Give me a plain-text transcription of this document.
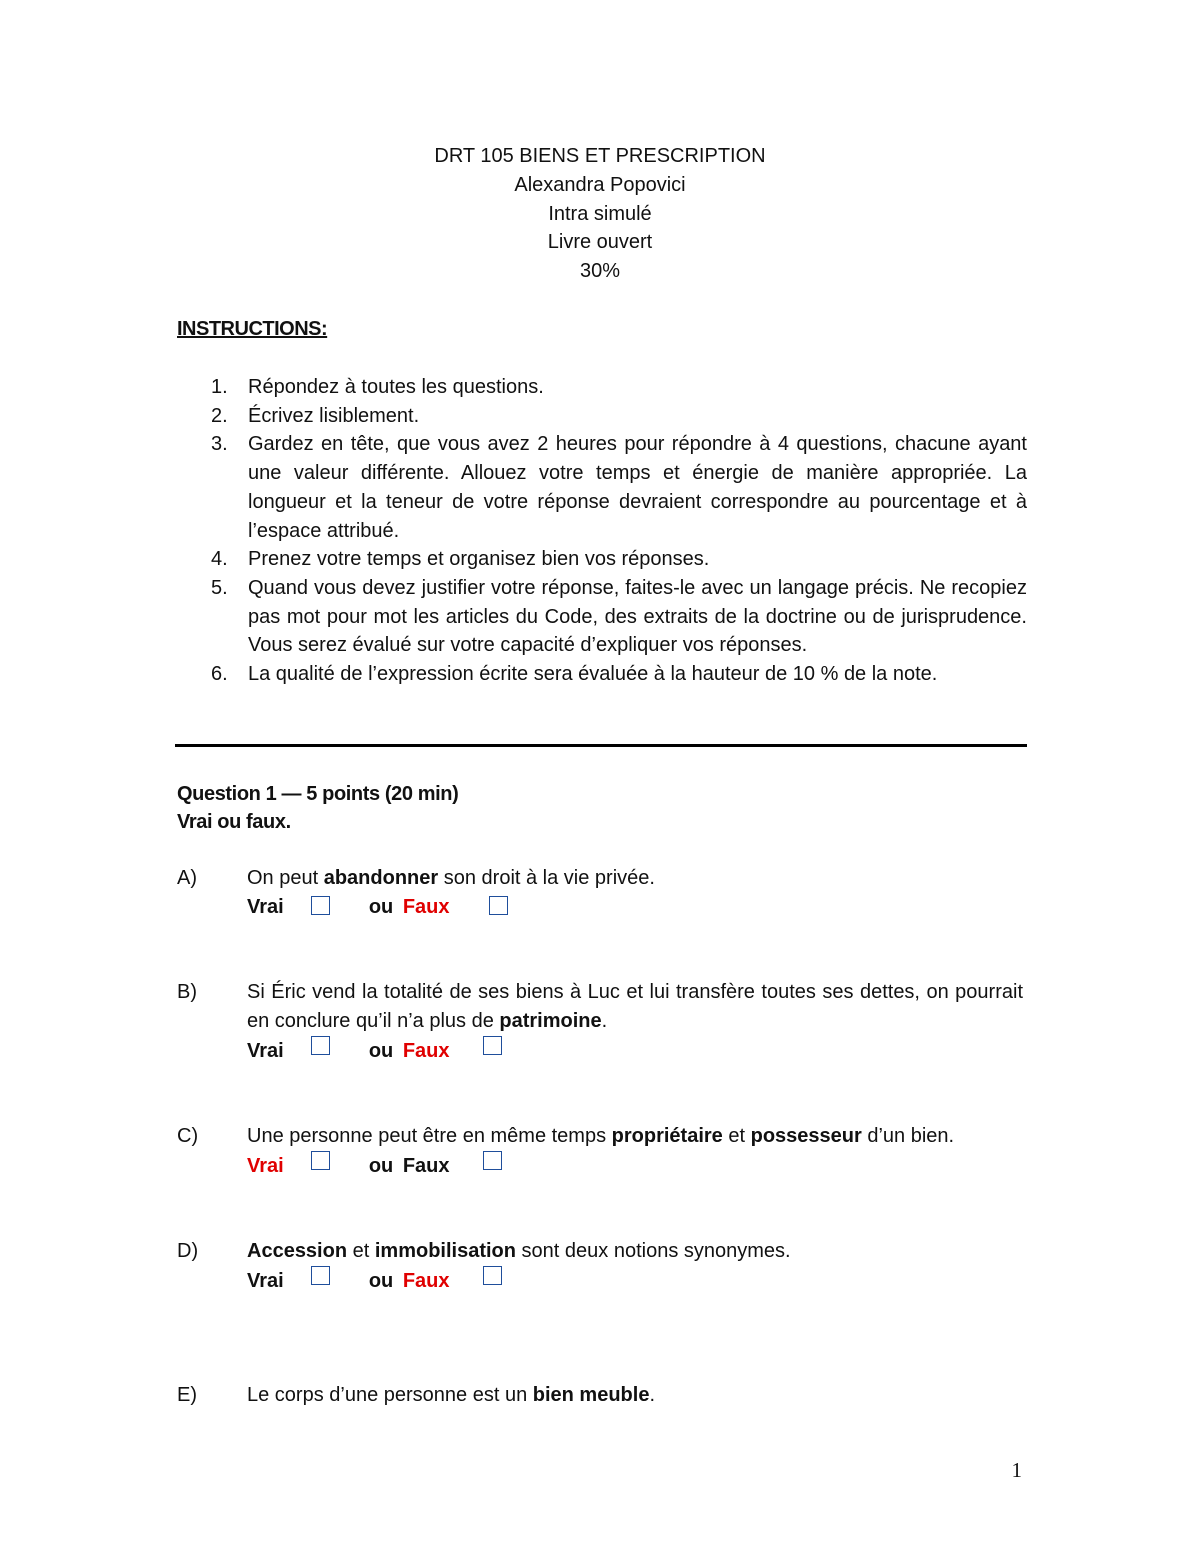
DRT 105 BIENS ET PRESCRIPTION
Alexandra Popovici
Intra simulé
Livre ouvert
30%
INSTRUCTIONS:
1. Répondez à toutes les questions.
2. Écrivez lisiblement.
3. Gardez en tête, que vous avez 2 heures pour répondre à 4 questions, chacune ayant une valeur différente. Allouez votre temps et énergie de manière appropriée. La longueur et la teneur de votre réponse devraient correspondre au pourcentage et à l’espace attribué.
4. Prenez votre temps et organisez bien vos réponses.
5. Quand vous devez justifier votre réponse, faites-le avec un langage précis. Ne recopiez pas mot pour mot les articles du Code, des extraits de la doctrine ou de jurisprudence. Vous serez évalué sur votre capacité d’expliquer vos réponses.
6. La qualité de l’expression écrite sera évaluée à la hauteur de 10 % de la note.
Question 1 — 5 points (20 min)
Vrai ou faux.
A)	On peut abandonner son droit à la vie privée.
Vrai	ou Faux
B)	Si Éric vend la totalité de ses biens à Luc et lui transfère toutes ses dettes, on pourrait en conclure qu’il n’a plus de patrimoine.
Vrai	ou Faux
C) Une personne peut être en même temps propriétaire et possesseur d’un bien.
Vrai	ou Faux
D) Accession et immobilisation sont deux notions synonymes.
Vrai	ou Faux
E)	Le corps d’une personne est un bien meuble.
1
